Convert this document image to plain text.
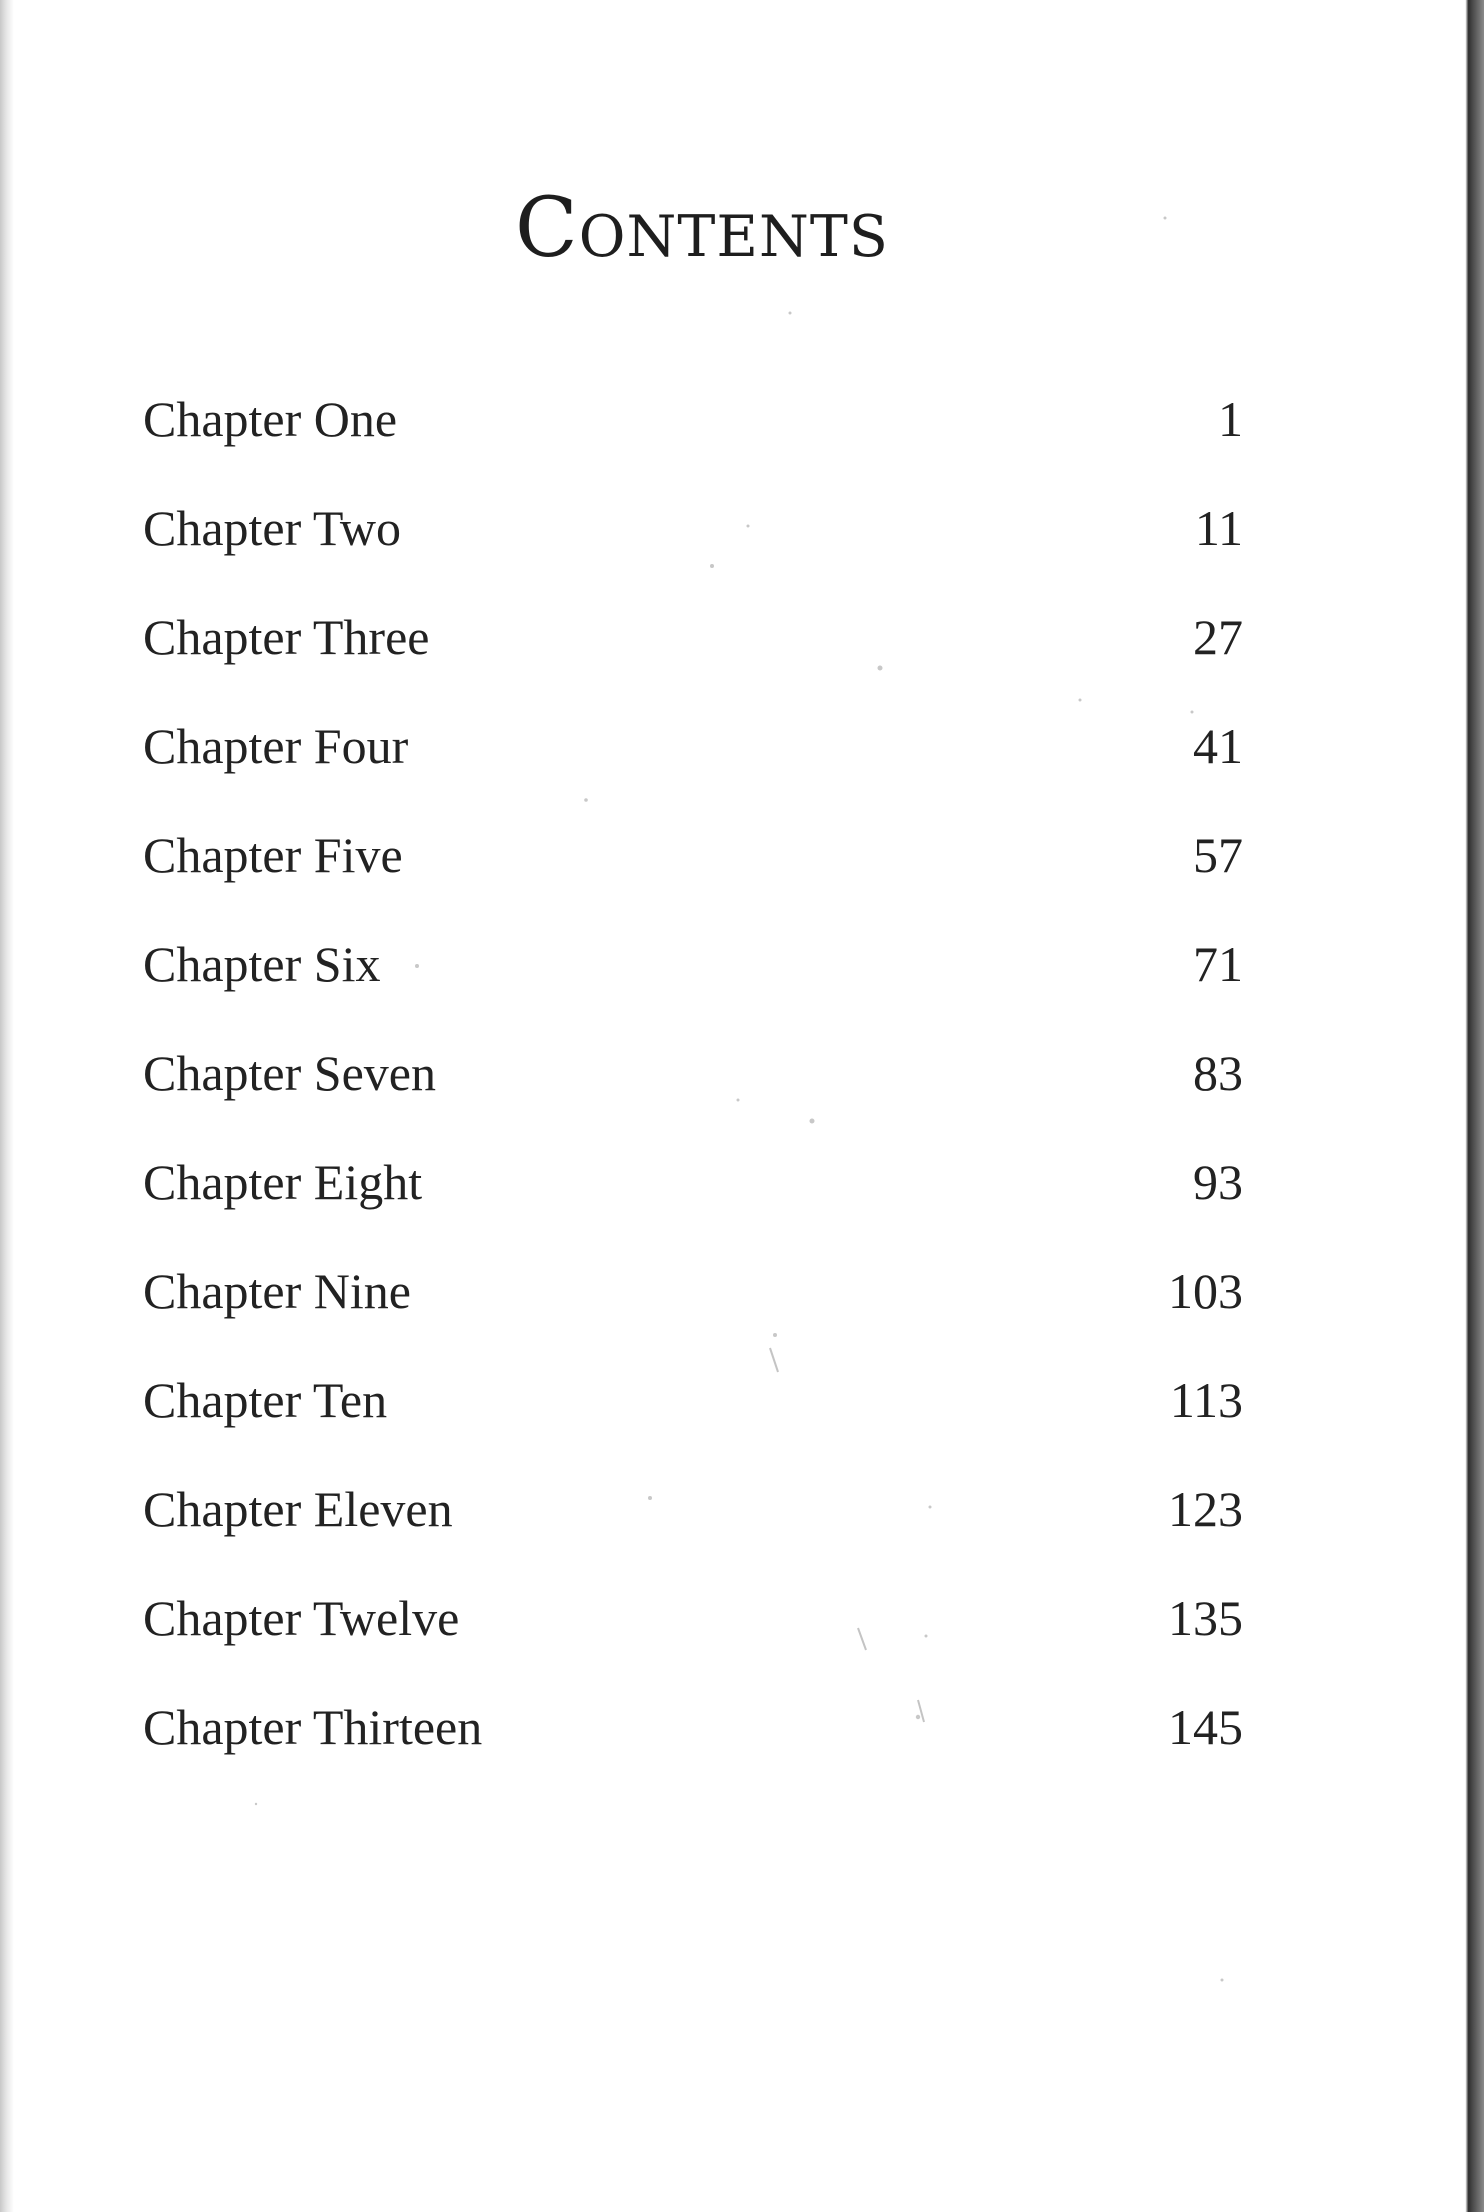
Contents
Chapter One	1
Chapter Two	11
Chapter Three	27
Chapter Four	41
Chapter Five	57
Chapter Six	71
Chapter Seven	83
Chapter Eight	93
Chapter Nine	103
Chapter Ten	113
Chapter Eleven	123
Chapter Twelve	135
Chapter Thirteen	145
